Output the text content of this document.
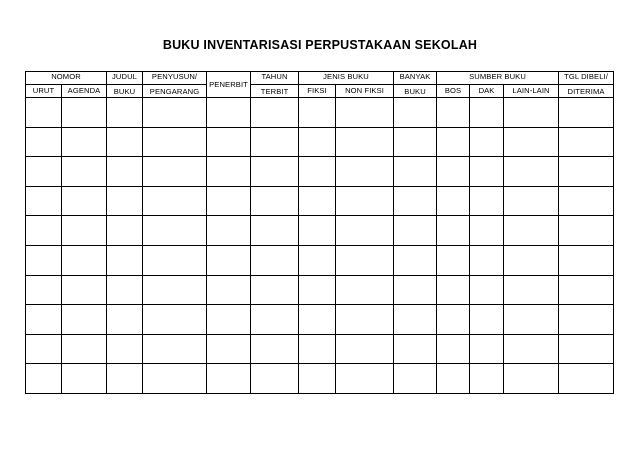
BUKU INVENTARISASI PERPUSTAKAAN SEKOLAH
NOMOR		JUDUL	PENYUSUN/	PENERBIT	TAHUN	JENIS BUKU		BANYAK	SUMBER BUKU			TGL DIBELI/
URUT	AGENDA	BUKU	PENGARANG		TERBIT	FIKSI	NON FIKSI	BUKU	BOS	DAK	LAIN-LAIN	DITERIMA
